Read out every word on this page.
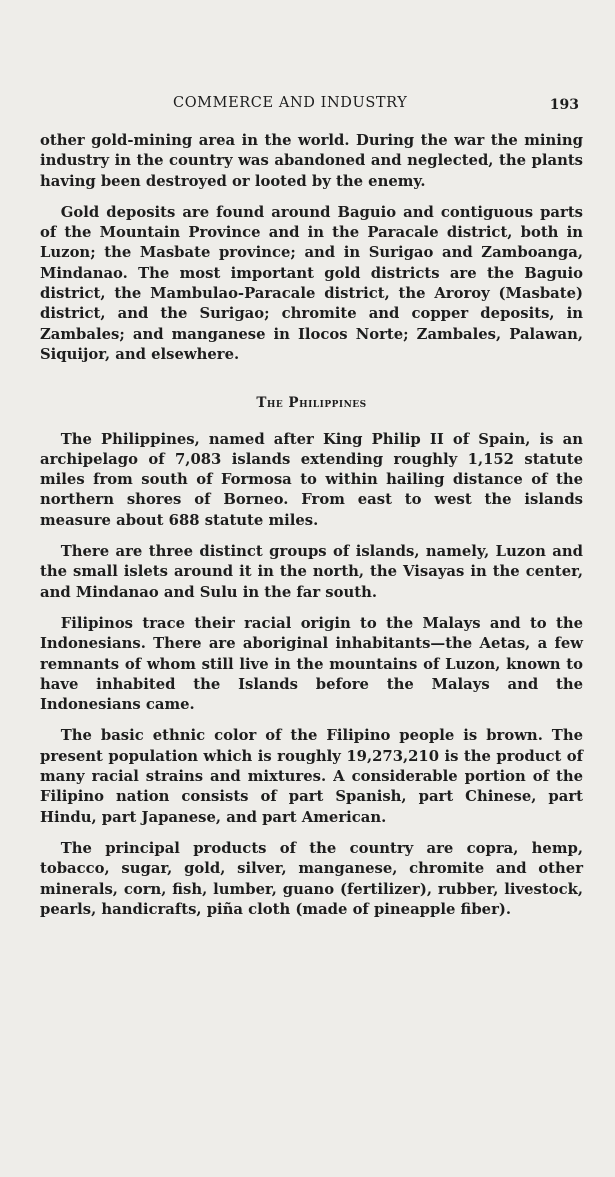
COMMERCE AND INDUSTRY	193

other gold-mining area in the world. During the war the mining industry in the country was abandoned and neglected, the plants having been destroyed or looted by the enemy.

Gold deposits are found around Baguio and contiguous parts of the Mountain Province and in the Paracale district, both in Luzon; the Masbate province; and in Surigao and Zamboanga, Mindanao. The most important gold districts are the Baguio district, the Mambulao-Paracale district, the Aroroy (Masbate) district, and the Surigao; chromite and copper deposits, in Zambales; and manganese in Ilocos Norte; Zambales, Palawan, Siquijor, and elsewhere.

The Philippines

The Philippines, named after King Philip II of Spain, is an archipelago of 7,083 islands extending roughly 1,152 statute miles from south of Formosa to within hailing distance of the northern shores of Borneo. From east to west the islands measure about 688 statute miles.

There are three distinct groups of islands, namely, Luzon and the small islets around it in the north, the Visayas in the center, and Mindanao and Sulu in the far south.

Filipinos trace their racial origin to the Malays and to the Indonesians. There are aboriginal inhabitants—the Aetas, a few remnants of whom still live in the mountains of Luzon, known to have inhabited the Islands before the Malays and the Indonesians came.

The basic ethnic color of the Filipino people is brown. The present population which is roughly 19,273,210 is the product of many racial strains and mixtures. A considerable portion of the Filipino nation consists of part Spanish, part Chinese, part Hindu, part Japanese, and part American.

The principal products of the country are copra, hemp, tobacco, sugar, gold, silver, manganese, chromite and other minerals, corn, fish, lumber, guano (fertilizer), rubber, livestock, pearls, handicrafts, piña cloth (made of pineapple fiber).
